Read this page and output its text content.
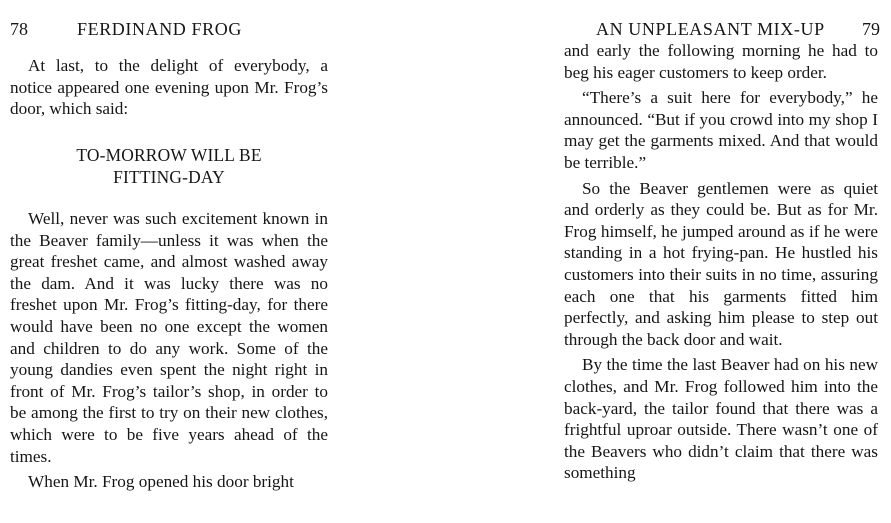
78	FERDINAND FROG

At last, to the delight of everybody, a notice appeared one evening upon Mr. Frog’s door, which said:

TO-MORROW WILL BE
FITTING-DAY

Well, never was such excitement known in the Beaver family—unless it was when the great freshet came, and almost washed away the dam. And it was lucky there was no freshet upon Mr. Frog’s fitting-day, for there would have been no one except the women and children to do any work. Some of the young dandies even spent the night right in front of Mr. Frog’s tailor’s shop, in order to be among the first to try on their new clothes, which were to be five years ahead of the times.

When Mr. Frog opened his door bright

AN UNPLEASANT MIX-UP 79

and early the following morning he had to beg his eager customers to keep order.

“There’s a suit here for everybody,” he announced. “But if you crowd into my shop I may get the garments mixed. And that would be terrible.”

So the Beaver gentlemen were as quiet and orderly as they could be. But as for Mr. Frog himself, he jumped around as if he were standing in a hot frying-pan. He hustled his customers into their suits in no time, assuring each one that his garments fitted him perfectly, and asking him please to step out through the back door and wait.

By the time the last Beaver had on his new clothes, and Mr. Frog followed him into the back-yard, the tailor found that there was a frightful uproar outside. There wasn’t one of the Beavers who didn’t claim that there was something
